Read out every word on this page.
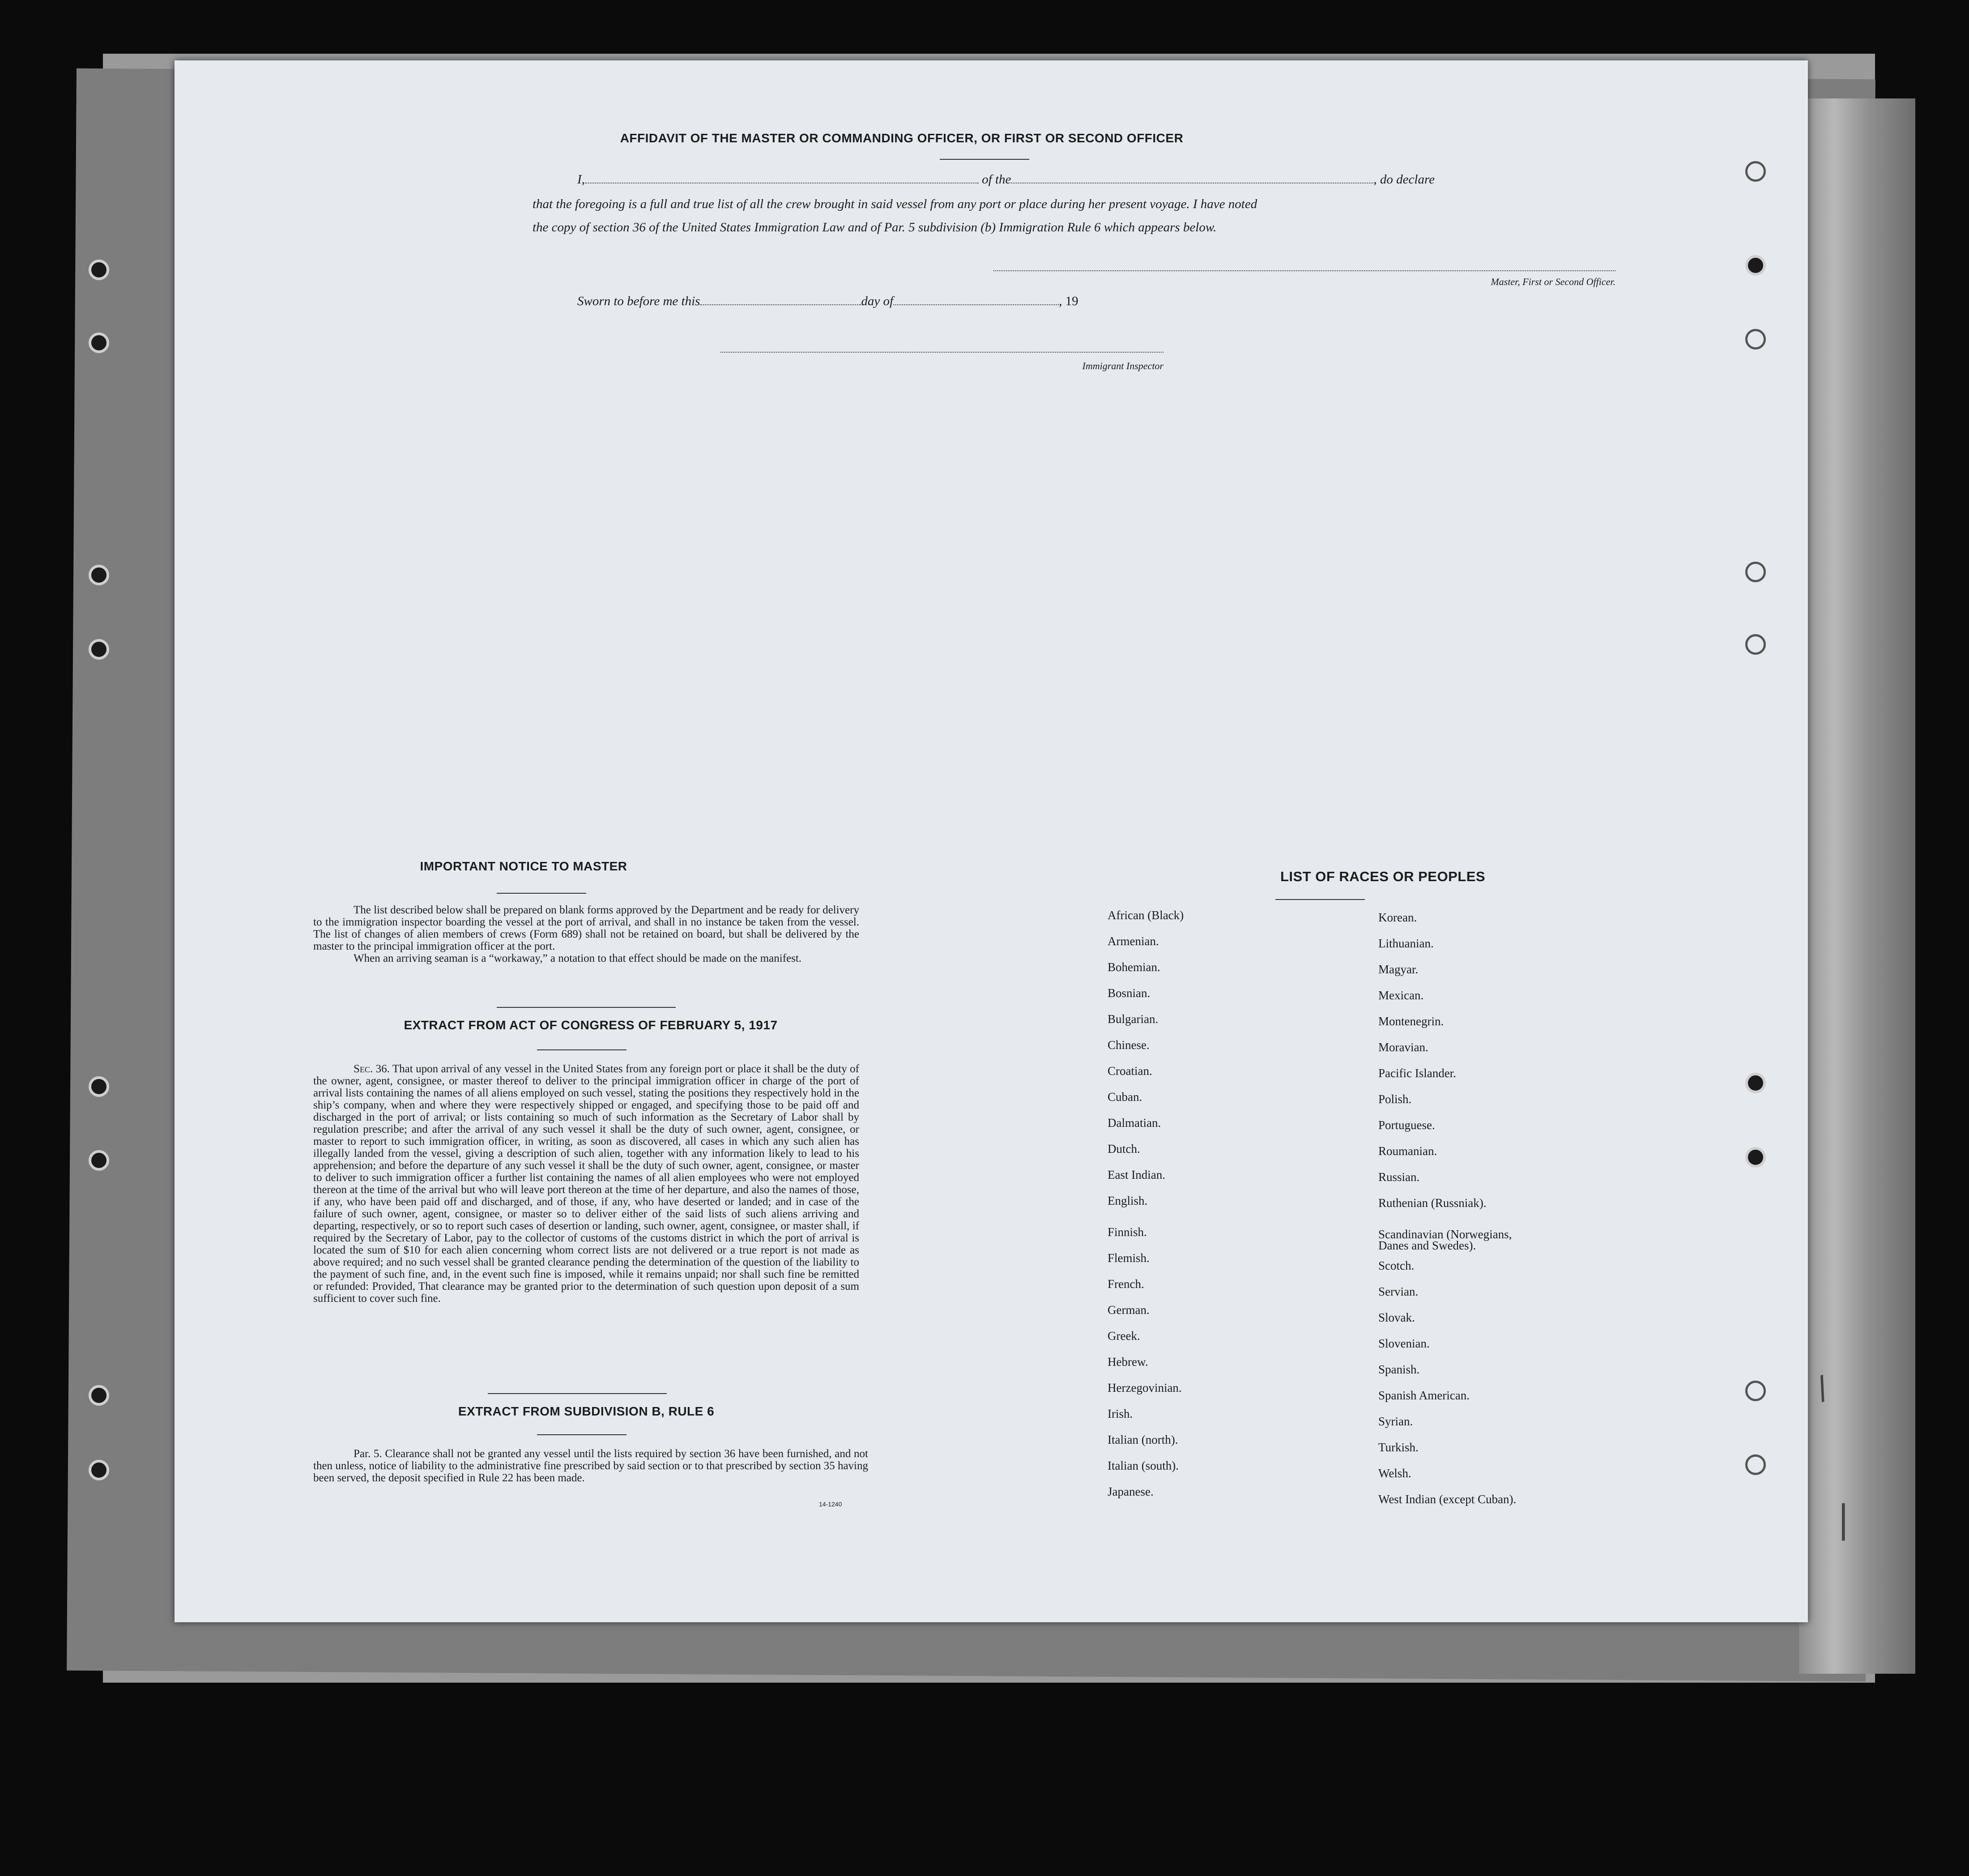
∕
⎢
AFFIDAVIT OF THE MASTER OR COMMANDING OFFICER, OR FIRST OR SECOND OFFICER
I,	of the	, do declare
that the foregoing is a full and true list of all the crew brought in said vessel from any port or place during her present voyage. I have noted
the copy of section 36 of the United States Immigration Law and of Par. 5 subdivision (b) Immigration Rule 6 which appears below.
Master, First or Second Officer.
Sworn to before me this	day of	, 19
Immigrant Inspector
IMPORTANT NOTICE TO MASTER
The list described below shall be prepared on blank forms approved by the Department and be ready for delivery to the immigration inspector boarding the vessel at the port of arrival, and shall in no instance be taken from the vessel. The list of changes of alien members of crews (Form 689) shall not be retained on board, but shall be delivered by the master to the principal immigration officer at the port.
When an arriving seaman is a “workaway,” a notation to that effect should be made on the manifest.
EXTRACT FROM ACT OF CONGRESS OF FEBRUARY 5, 1917
Sec. 36. That upon arrival of any vessel in the United States from any foreign port or place it shall be the duty of the owner, agent, consignee, or master thereof to deliver to the principal immigration officer in charge of the port of arrival lists containing the names of all aliens employed on such vessel, stating the positions they respectively hold in the ship’s company, when and where they were respectively shipped or engaged, and specifying those to be paid off and discharged in the port of arrival; or lists containing so much of such information as the Secretary of Labor shall by regulation prescribe; and after the arrival of any such vessel it shall be the duty of such owner, agent, consignee, or master to report to such immigration officer, in writing, as soon as discovered, all cases in which any such alien has illegally landed from the vessel, giving a description of such alien, together with any information likely to lead to his apprehension; and before the departure of any such vessel it shall be the duty of such owner, agent, consignee, or master to deliver to such immigration officer a further list containing the names of all alien employees who were not employed thereon at the time of the arrival but who will leave port thereon at the time of her departure, and also the names of those, if any, who have been paid off and discharged, and of those, if any, who have deserted or landed; and in case of the failure of such owner, agent, consignee, or master so to deliver either of the said lists of such aliens arriving and departing, respectively, or so to report such cases of desertion or landing, such owner, agent, consignee, or master shall, if required by the Secretary of Labor, pay to the collector of customs of the customs district in which the port of arrival is located the sum of $10 for each alien concerning whom correct lists are not delivered or a true report is not made as above required; and no such vessel shall be granted clearance pending the determination of the question of the liability to the payment of such fine, and, in the event such fine is imposed, while it remains unpaid; nor shall such fine be remitted or refunded: Provided, That clearance may be granted prior to the determination of such question upon deposit of a sum sufficient to cover such fine.
EXTRACT FROM SUBDIVISION B, RULE 6
Par. 5. Clearance shall not be granted any vessel until the lists required by section 36 have been furnished, and not then unless, notice of liability to the administrative fine prescribed by said section or to that prescribed by section 35 having been served, the deposit specified in Rule 22 has been made.
14-1240
LIST OF RACES OR PEOPLES
African (Black)
Armenian.
Bohemian.
Bosnian.
Bulgarian.
Chinese.
Croatian.
Cuban.
Dalmatian.
Dutch.
East Indian.
English.
Finnish.
Flemish.
French.
German.
Greek.
Hebrew.
Herzegovinian.
Irish.
Italian (north).
Italian (south).
Japanese.
Korean.
Lithuanian.
Magyar.
Mexican.
Montenegrin.
Moravian.
Pacific Islander.
Polish.
Portuguese.
Roumanian.
Russian.
Ruthenian (Russniak).
Scandinavian (Norwegians,
Danes and Swedes).
Scotch.
Servian.
Slovak.
Slovenian.
Spanish.
Spanish American.
Syrian.
Turkish.
Welsh.
West Indian (except Cuban).
